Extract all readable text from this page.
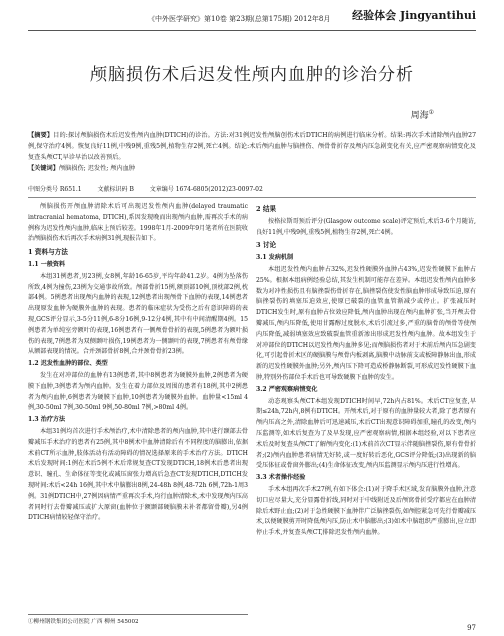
《中外医学研究》第10卷 第23期(总第175期) 2012年8月 经验体会 Jingyantihui
颅脑损伤术后迟发性颅内血肿的诊治分析
周海①
【摘要】目的:探讨颅脑损伤术后迟发性颅内血肿(DTICH)的诊治。方法:对31例迟发性颅脑创伤术后DTICH的病例进行临床分析。结果:再次手术清除颅内血肿27例,保守治疗4例。恢复良好11例,中残9例,重残5例,植物生存2例,死亡4例。结论:术后颅内血肿与脑挫伤、颅骨骨折存及颅内压急剧变化有关,应严密观察病情变化及复查头颅CT,早诊早治以改善预后。
【关键词】颅脑损伤; 迟发性; 颅内血肿
中图分类号 R651.1	文献标识码 B	文章编号 1674-6805(2012)23-0097-02

颅脑损伤开颅血肿清除术后可出现迟发性颅内血肿(delayed traumatic intracranial hematoma, DTICH),系因发现晚而出现颅内血肿,需再次手术的病例称为迟发性颅内血肿,临床上预后较差。1998年1月-2009年9月笔者所在医院收治颅脑损伤术后再次手术病例31例,现报告如下。

1 资料与方法
1.1 一般资料

本组31例患者,男23例,女8例,年龄16-65岁,平均年龄41.2岁。4例为坠落伤所致,4例为撞伤,23例为交通事故所致。颅部骨折15例,额顶部10例,顶枕部2例,枕部4例。5例患者出现颅内血肿的表现,12例患者出现颅骨下血肿的表现,14例患者出现原发血肿为硬膜外血肿的表现。患者的临床症状为受伤之后有意识障碍的表现,GCS评分显示,3-5分11例,6-8分16例,9-12分4例,其中有中间清醒期4例。15例患者为单纯室旁额叶的表现,16例患者有一侧颅骨骨折的表现,5例患者为额叶损伤的表现,7例患者为双侧颞叶损伤,19例患者为一侧颞叶的表现,7例患者有颅骨缘从额部表现的情况。合并颈部骨折8例,合并颈骨骨折23例。

1.2 迟发性血肿的部位、类型

发生在对冲部位的血肿有13例患者,其中8例患者为硬膜外血肿,2例患者为硬膜下血肿,3例患者为颅内血肿。发生在着力部位及周围的患者有18例,其中2例患者为颅内血肿,6例患者为硬膜下血肿,10例患者为硬膜外血肿。血肿量<15ml 4例,30-50ml 7例,30-50ml 9例,50-80ml 7例,>80ml 4例。

1.3 治疗方法

本组31例均首次进行手术颅治疗,术中清除患者的颅内血肿,其中进行颞部去骨瓣减压手术治疗的患者有25例,其中8例术中血肿清除后有不同程度的脑膨出,依据术前CT所示血肿,肢体活动有活动障碍的情况选择原来的手术治疗方法。DTICH术后发现时间:1例在术后5例不术后常规复查CT发现DTICH,18例术后患者出现意识、瞳孔、生命体征等变化或减压窗张力增高后急查CT发现DTICH,DTICH发现时间:术后<24h 16例,其中术中脑膨出8例,24-48h 8例,48-72h 6例,72h-1周3例。31例DTICH中,27例因病情严重再次手术,均行血肿清除术,术中发现颅内压高者同时行去骨瓣减压或扩大原窗(血肿位于额颞部硬脑膜未补者都留骨瓣),另4例DTICH病情较轻保守治疗。

2 结果

按格拉斯哥预后评分(Glasgow outcome scale)评定预后,术后3-6个月随访,良好11例,中残9例,重残5例,植物生存2例,死亡4例。

3 讨论
3.1 发病机制

本组迟发性颅内血肿占32%,迟发性硬膜外血肿占43%,迟发性硬膜下血肿占25%。根据本组病例经验总结,其发生机制可能存在差异。本组迟发性颅内血肿多数为对冲性损伤且有脑挫裂伤骨折存在,脑挫裂伤使发性脑血肿形成导致压迫,原有脑挫裂伤的填塞压迫效应,使原已破裂的血管血管渐减少或停止。扩张减压时DTICH发生时,原有血肿占位效应降低,颅内血肿出现在颅内血肿扩张,当开颅去骨瓣减压,颅内压降低,使用甘露醇过度脱水,术后引流过多,严重的脑骨的颅骨等使颅内压降低,减弱填塞效应致破裂血管重新渗出形成迟发性颅内血肿。故本组发生于对冲部位的DTICH以迟发性颅内血肿多见;而颅脑损伤者对于术前后颅内压急剧变化,可引起骨折术区的硬脑膜与颅骨内板剥离,脑膜中动脉前支或板障静脉出血,形成新的迟发性硬膜外血肿;另外,颅内压下降可造成桥静脉断裂,可形成迟发性硬膜下血肿,特别外伤部位手术后也可导致硬膜下血肿的发生。

3.2 严密观察病情变化

动态观察头颅CT本组发现DTICH时间早,72h内占81%。术后CT应复查,早期≤24h,72h内,8例有DTICH。开颅术后,对于原有的血肿量较大者,除了患者原有颅内压高之外,清除血肿后可迅速减压,术后CT出现意识障碍加重,瞳孔的改变,颅内压监测等,如术后复查为了及早发现,应严密观察病情,根据本组经验,对以下患者应术后及时复查头颅CT了解颅内变化:(1)术前首次CT显示伴随脑挫裂伤,原有骨骨折者;(2)颅内血肿患者病情无好转,或一度好转后恶化,GCS评分降低;(3)出现新的脑受压体征或骨窗外膨出;(4)生命体征改变,颅内压监测显示颅内压进行性增高。

3.3 术者操作经验

手术本组再次手术27例,有如下体会:(1)对于降手术区域,发育脑膜外血肿,注意切口应尽量大,充分显露骨折线,同时对于中线附近及后颅窝骨折受疗都应在血肿清除后术野止血;(2)对于急性硬膜下血肿伴广泛脑挫裂伤,如颅腔紧急可先行骨瓣减压术,以便硬膜剪开时降低颅内压,防止术中脑膨出;(3)如术中脑组织严重膨出,应立即停止手术,并复查头颅CT,排除迟发性颅内血肿。

①柳州钢铁集团公司医院 广西 柳州 545002
97
